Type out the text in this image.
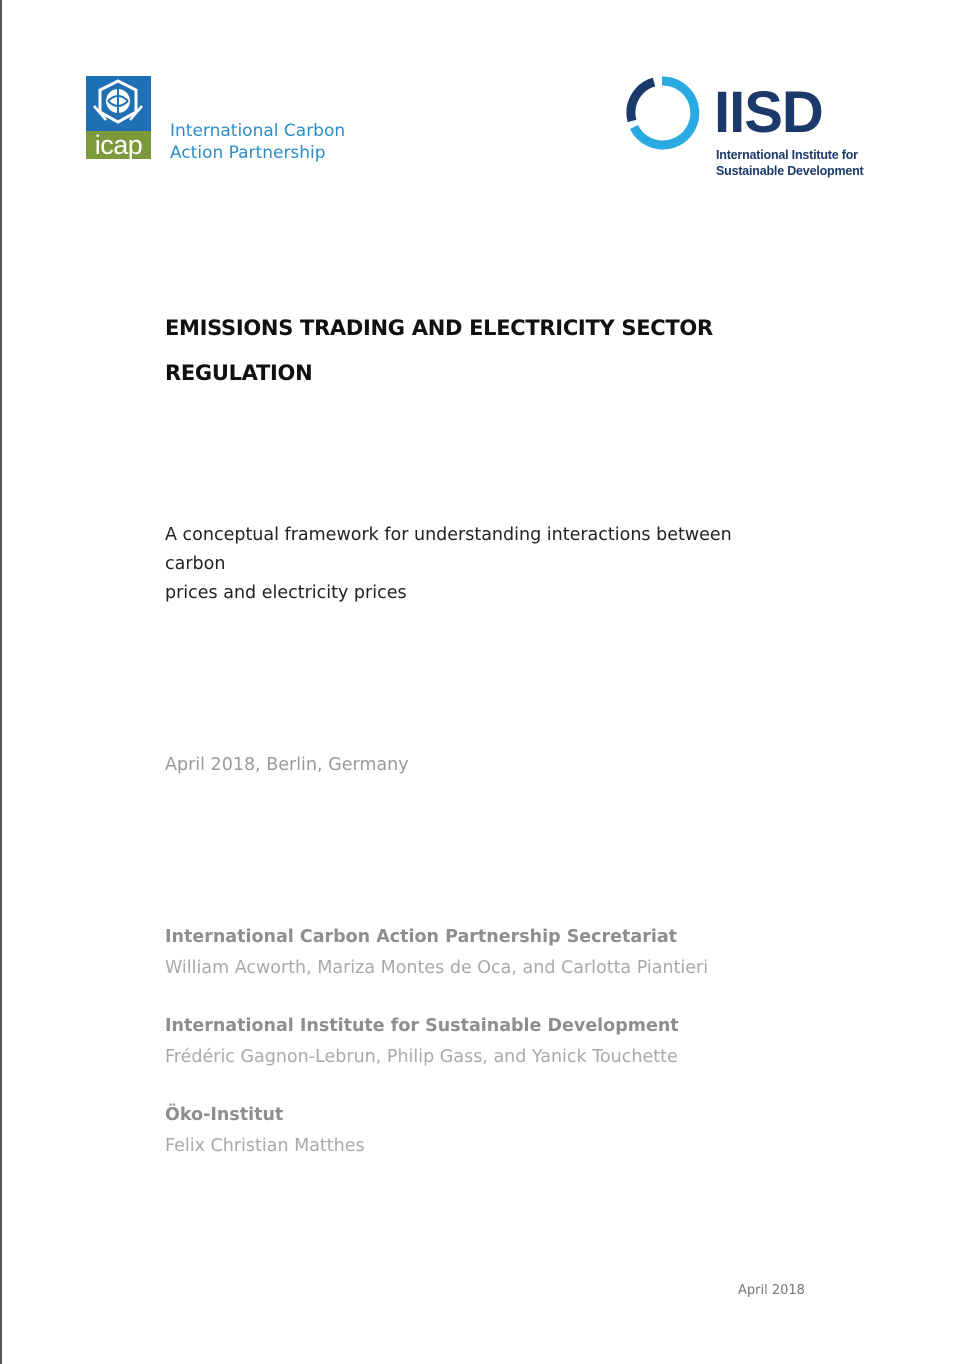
icap	International Carbon
Action Partnership
IISD
International Institute for
Sustainable Development
EMISSIONS TRADING AND ELECTRICITY SECTOR
REGULATION
A conceptual framework for understanding interactions between carbon
prices and electricity prices
April 2018, Berlin, Germany
International Carbon Action Partnership Secretariat
William Acworth, Mariza Montes de Oca, and Carlotta Piantieri
International Institute for Sustainable Development
Frédéric Gagnon-Lebrun, Philip Gass, and Yanick Touchette
Öko-Institut
Felix Christian Matthes
April 2018
